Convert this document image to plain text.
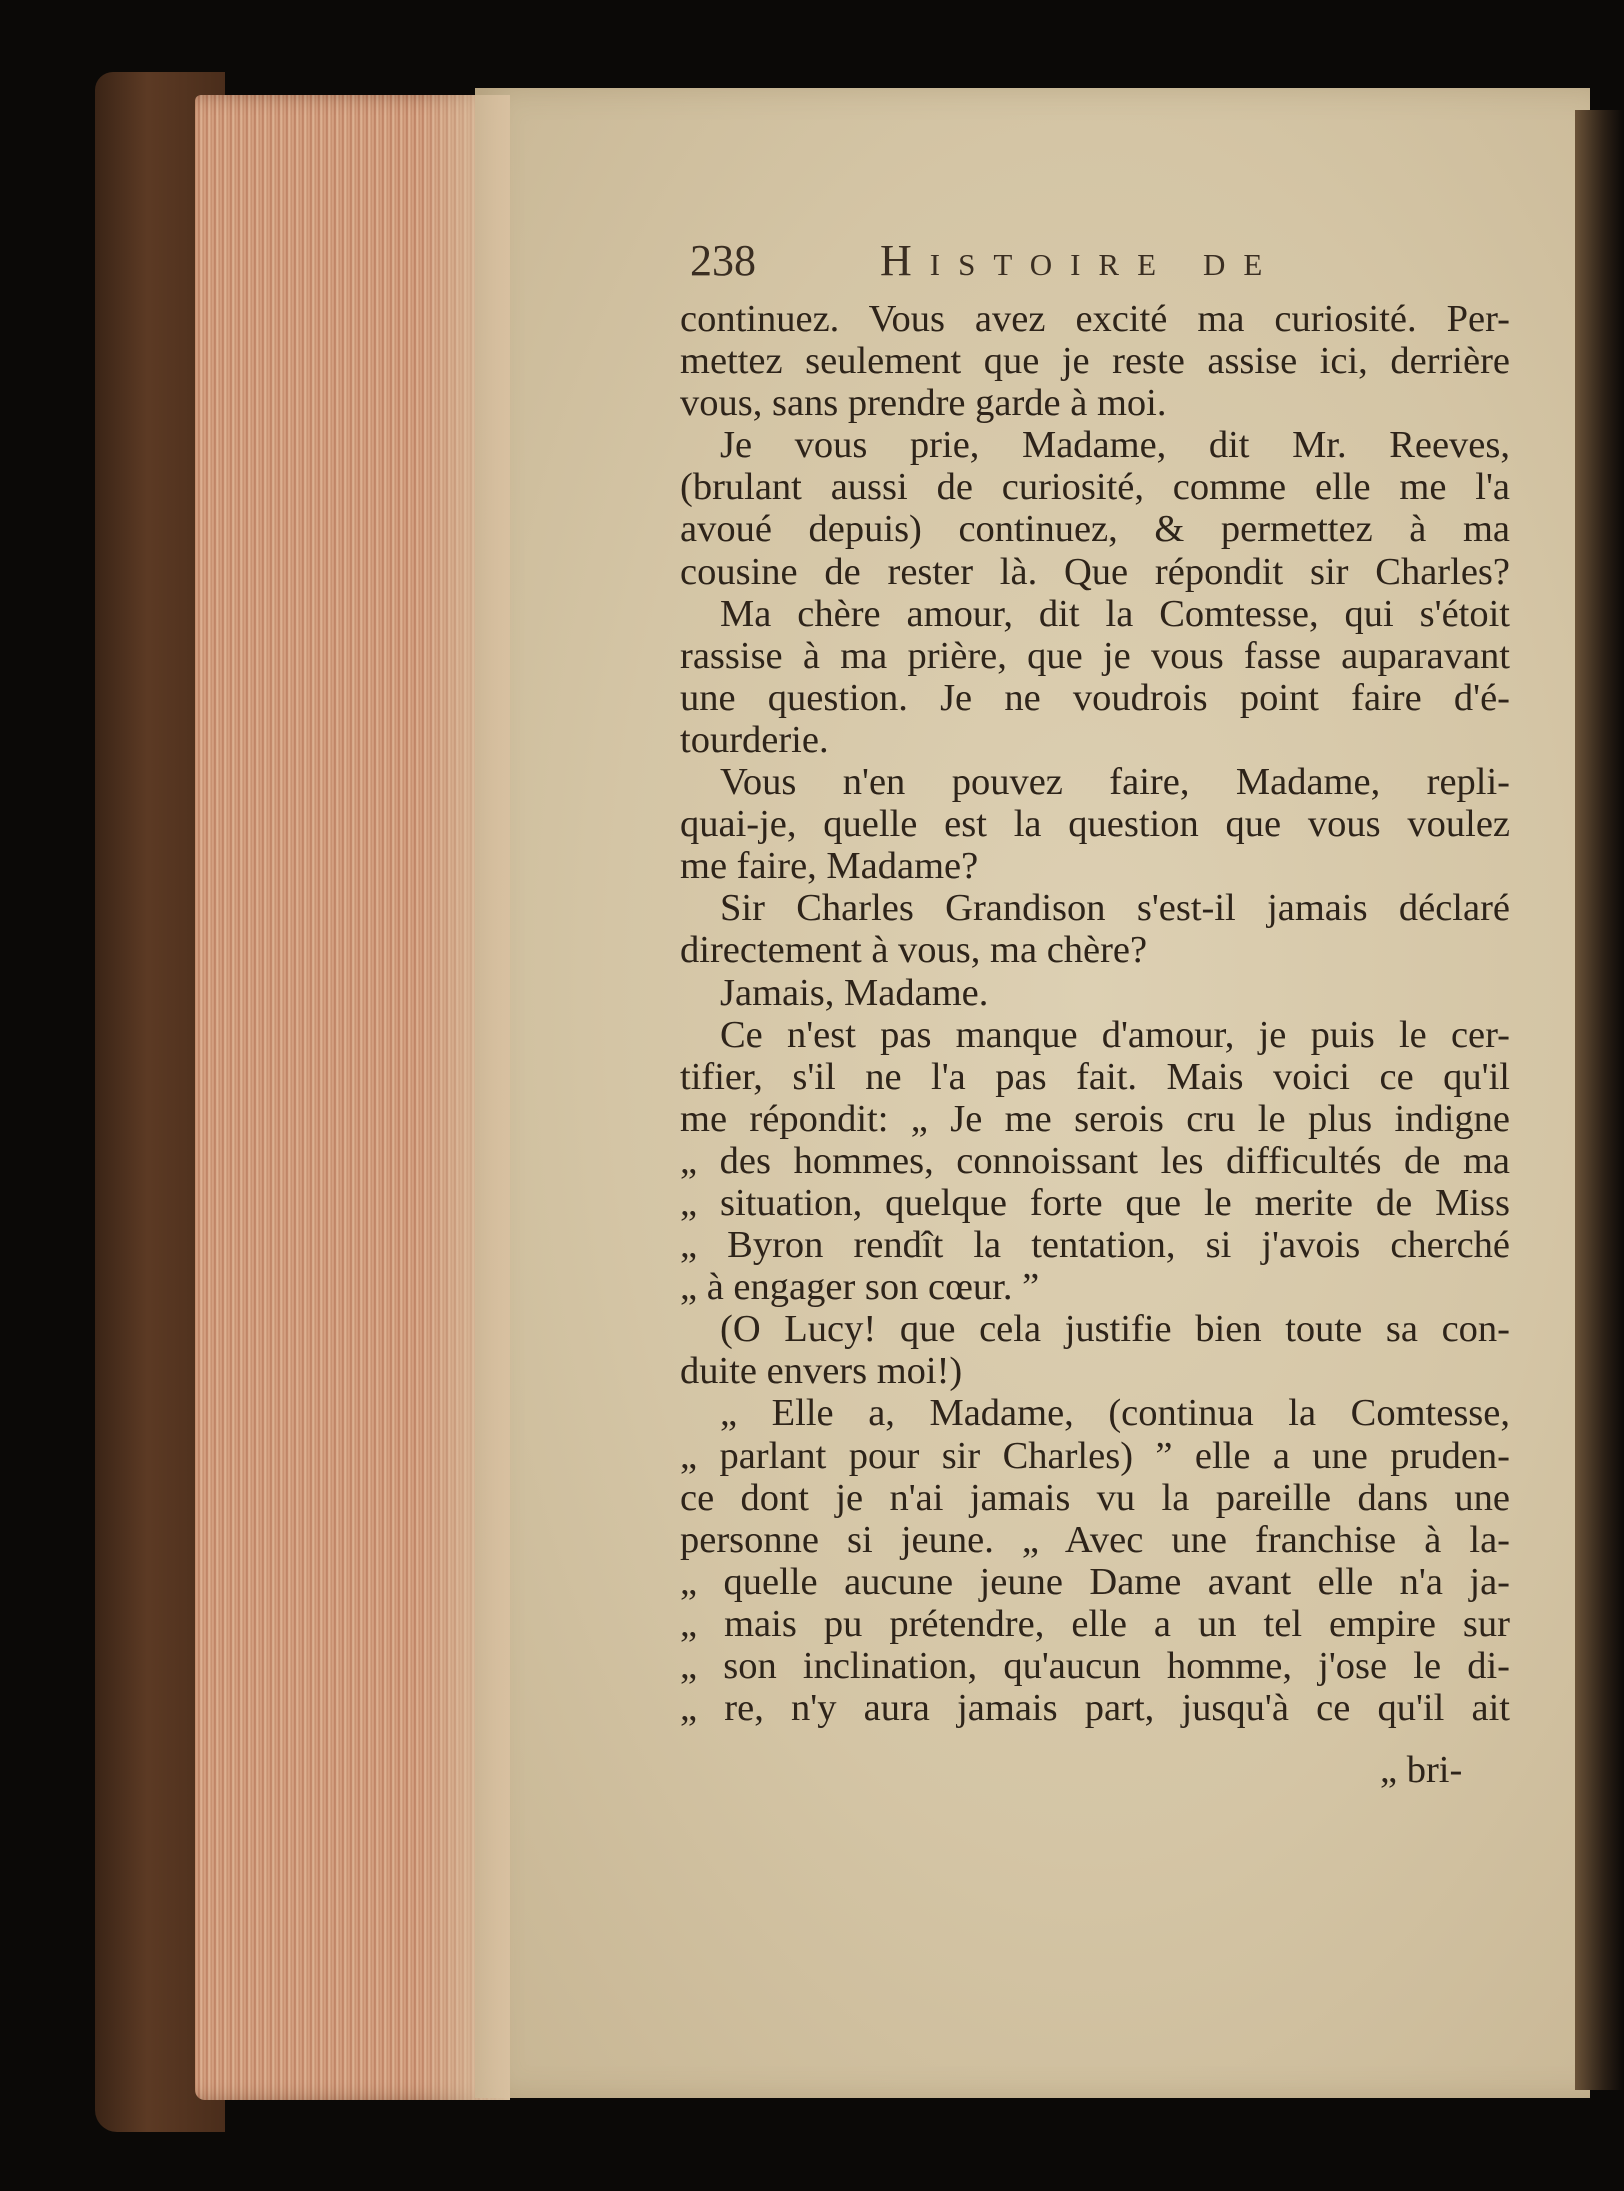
238	Histoire de
continuez. Vous avez excité ma curiosité. Per-
mettez seulement que je reste assise ici, derrière
vous, sans prendre garde à moi.
Je vous prie, Madame, dit Mr. Reeves,
(brulant aussi de curiosité, comme elle me l'a
avoué depuis) continuez, & permettez à ma
cousine de rester là. Que répondit sir Charles?
Ma chère amour, dit la Comtesse, qui s'étoit
rassise à ma prière, que je vous fasse auparavant
une question. Je ne voudrois point faire d'é-
tourderie.
Vous n'en pouvez faire, Madame, repli-
quai-je, quelle est la question que vous voulez
me faire, Madame?
Sir Charles Grandison s'est-il jamais déclaré
directement à vous, ma chère?
Jamais, Madame.
Ce n'est pas manque d'amour, je puis le cer-
tifier, s'il ne l'a pas fait. Mais voici ce qu'il
me répondit: „ Je me serois cru le plus indigne
„ des hommes, connoissant les difficultés de ma
„ situation, quelque forte que le merite de Miss
„ Byron rendît la tentation, si j'avois cherché
„ à engager son cœur. ”
(O Lucy! que cela justifie bien toute sa con-
duite envers moi!)
„ Elle a, Madame, (continua la Comtesse,
„ parlant pour sir Charles) ” elle a une pruden-
ce dont je n'ai jamais vu la pareille dans une
personne si jeune. „ Avec une franchise à la-
„ quelle aucune jeune Dame avant elle n'a ja-
„ mais pu prétendre, elle a un tel empire sur
„ son inclination, qu'aucun homme, j'ose le di-
„ re, n'y aura jamais part, jusqu'à ce qu'il ait
„ bri-
